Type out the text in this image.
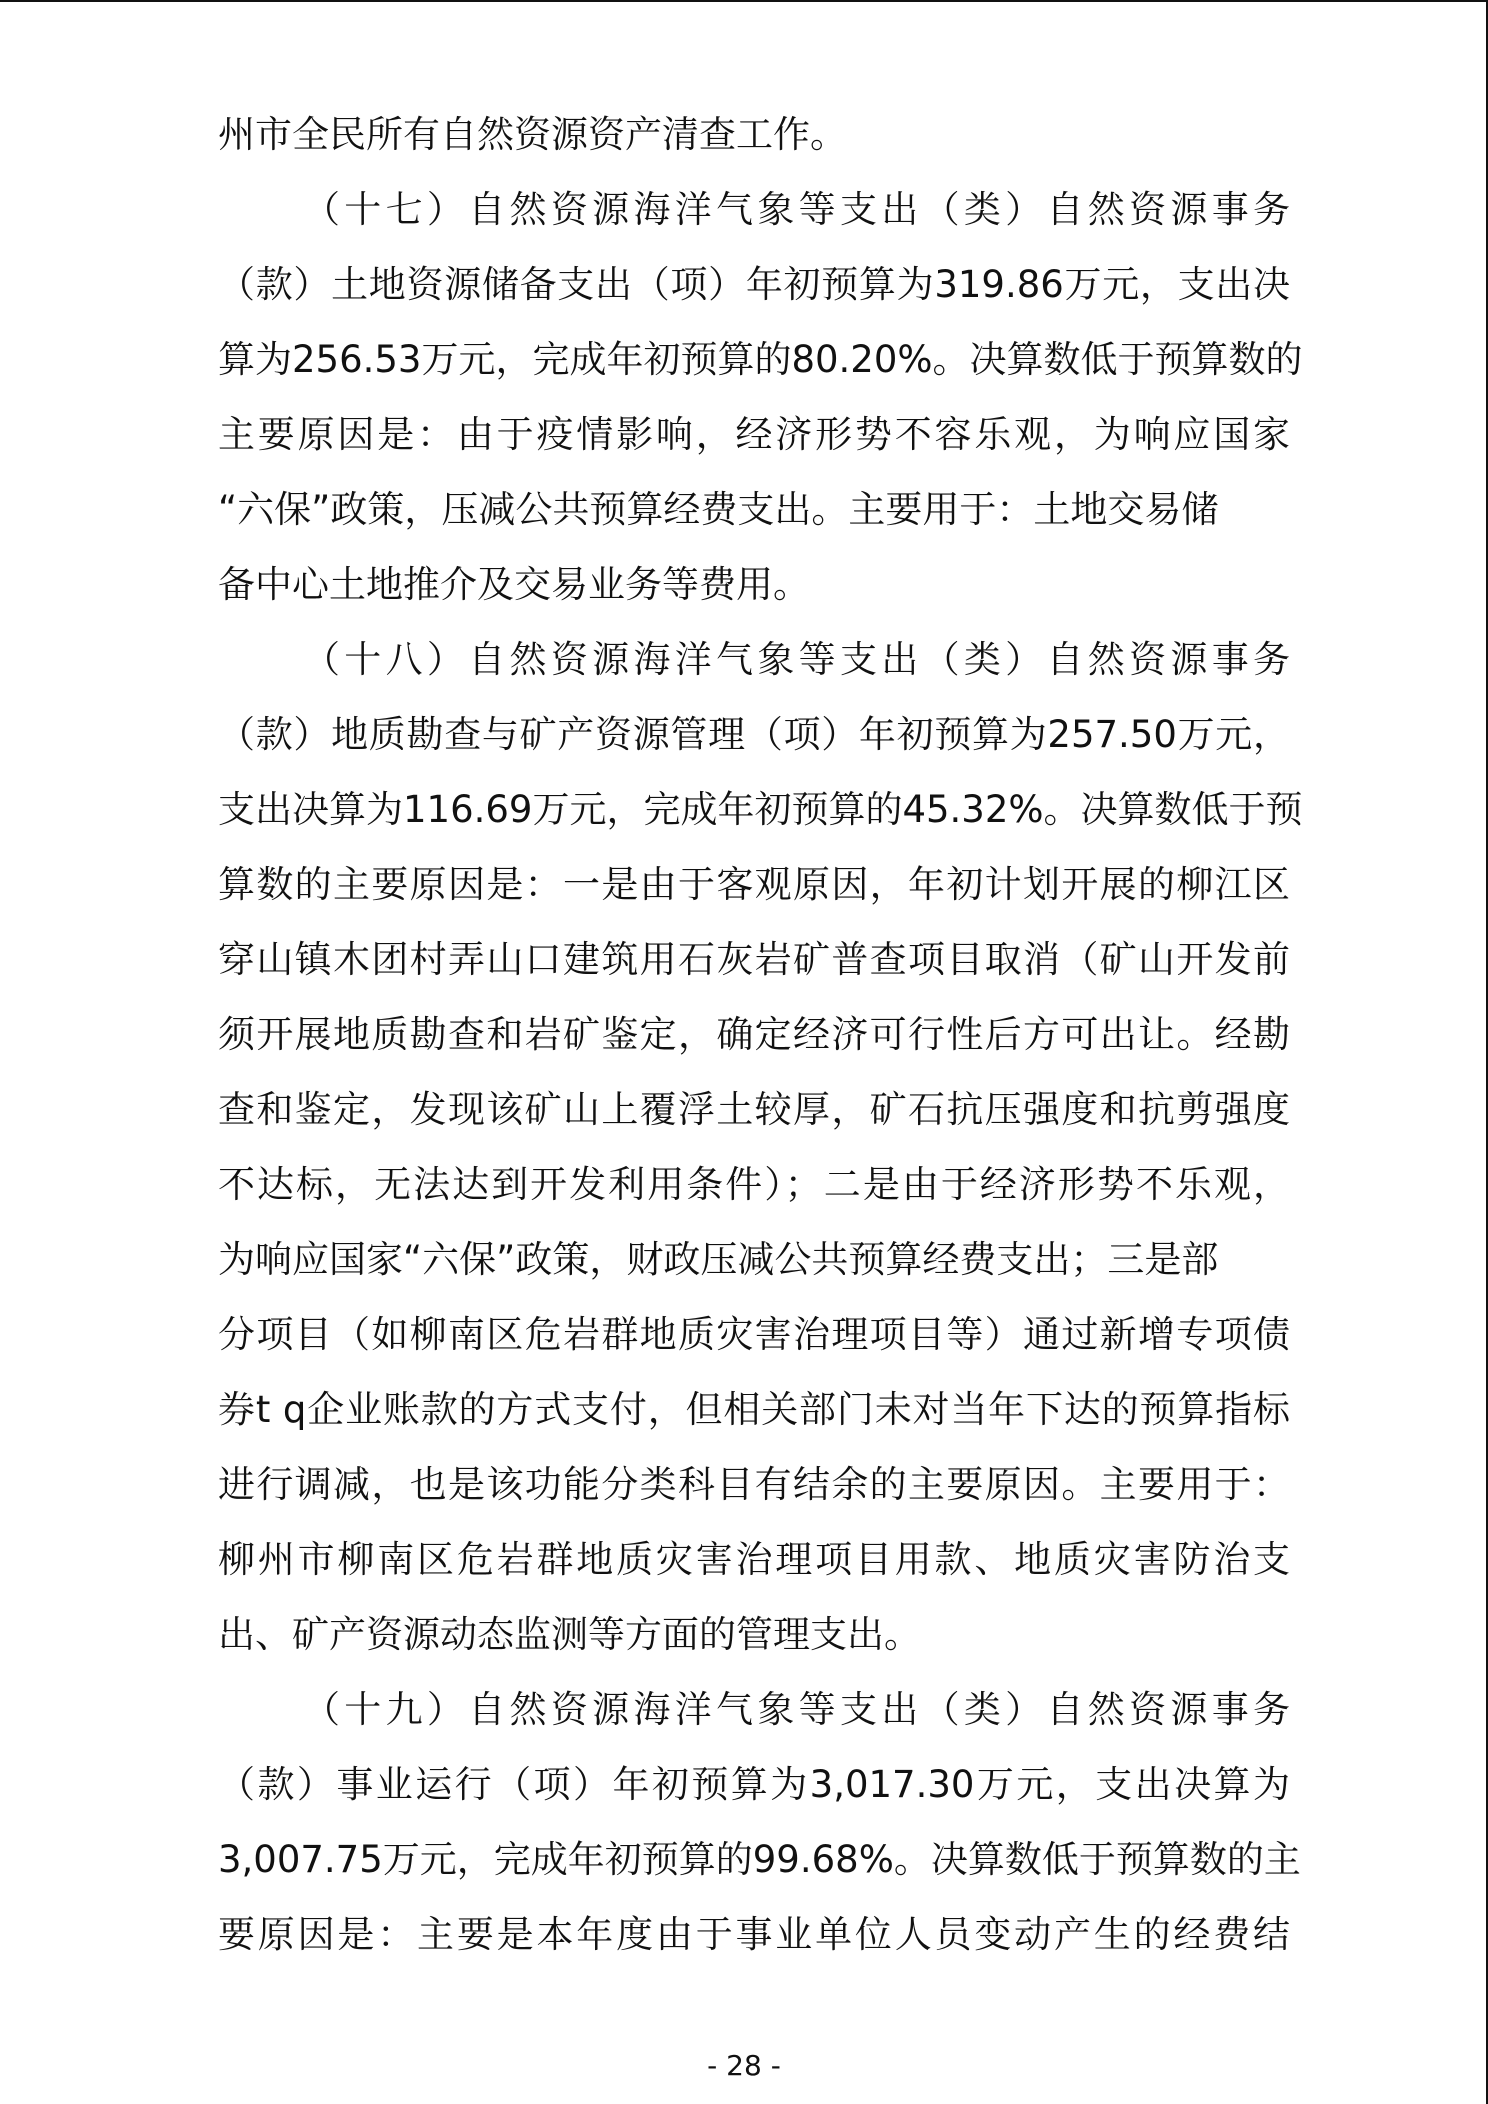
州市全民所有自然资源资产清查工作。
（十七）自然资源海洋气象等支出（类）自然资源事务
（款）土地资源储备支出（项）年初预算为319.86万元，支出决
算为256.53万元，完成年初预算的80.20%。决算数低于预算数的
主要原因是：由于疫情影响，经济形势不容乐观，为响应国家
“六保”政策，压减公共预算经费支出。主要用于：土地交易储
备中心土地推介及交易业务等费用。
（十八）自然资源海洋气象等支出（类）自然资源事务
（款）地质勘查与矿产资源管理（项）年初预算为257.50万元，
支出决算为116.69万元，完成年初预算的45.32%。决算数低于预
算数的主要原因是：一是由于客观原因，年初计划开展的柳江区
穿山镇木团村弄山口建筑用石灰岩矿普查项目取消（矿山开发前
须开展地质勘查和岩矿鉴定，确定经济可行性后方可出让。经勘
查和鉴定，发现该矿山上覆浮土较厚，矿石抗压强度和抗剪强度
不达标，无法达到开发利用条件）；二是由于经济形势不乐观，
为响应国家“六保”政策，财政压减公共预算经费支出；三是部
分项目（如柳南区危岩群地质灾害治理项目等）通过新增专项债
券t q企业账款的方式支付，但相关部门未对当年下达的预算指标
进行调减，也是该功能分类科目有结余的主要原因。主要用于：
柳州市柳南区危岩群地质灾害治理项目用款、地质灾害防治支
出、矿产资源动态监测等方面的管理支出。
（十九）自然资源海洋气象等支出（类）自然资源事务
（款）事业运行（项）年初预算为3,017.30万元，支出决算为
3,007.75万元，完成年初预算的99.68%。决算数低于预算数的主
要原因是：主要是本年度由于事业单位人员变动产生的经费结
- 28 -
